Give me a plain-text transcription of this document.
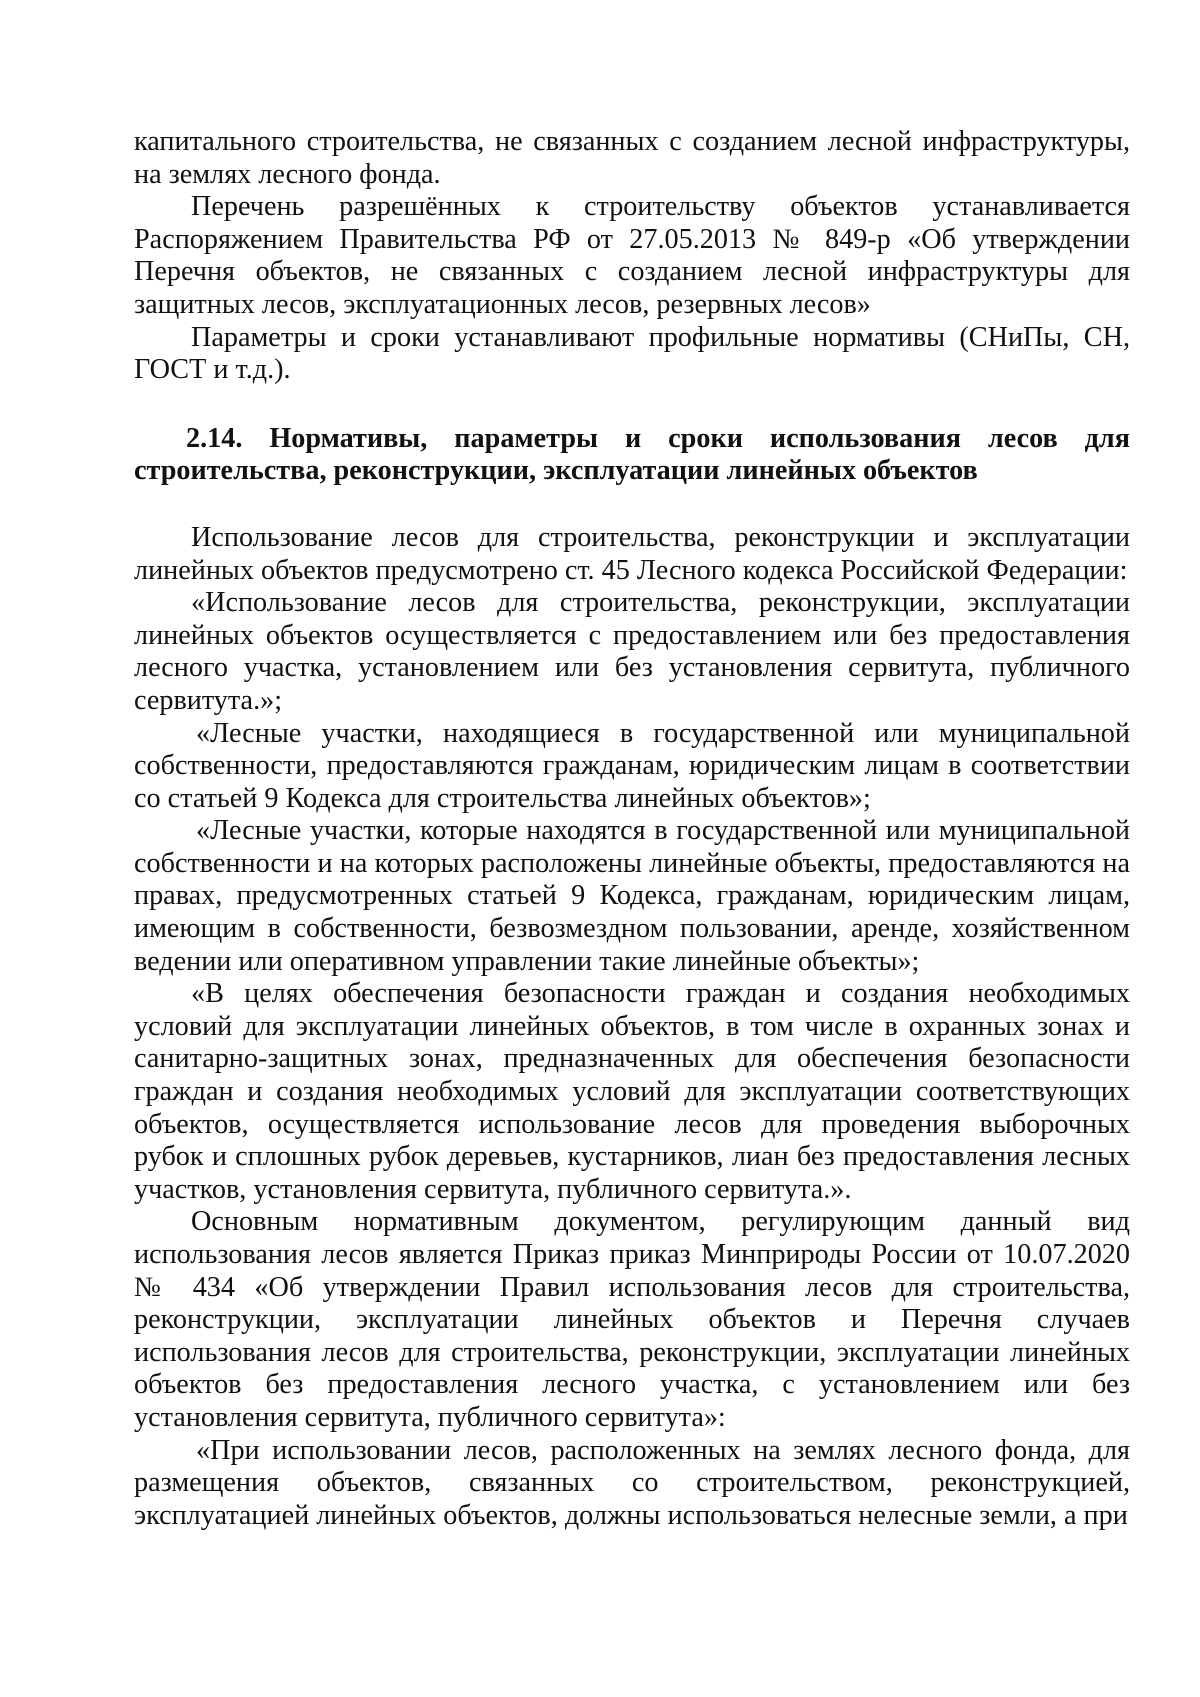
капитального строительства, не связанных с созданием лесной инфраструктуры, на землях лесного фонда.

Перечень разрешённых к строительству объектов устанавливается Распоряжением Правительства РФ от 27.05.2013 № 849-р «Об утверждении Перечня объектов, не связанных с созданием лесной инфраструктуры для защитных лесов, эксплуатационных лесов, резервных лесов»

Параметры и сроки устанавливают профильные нормативы (СНиПы, СН, ГОСТ и т.д.).

2.14. Нормативы, параметры и сроки использования лесов для строительства, реконструкции, эксплуатации линейных объектов

Использование лесов для строительства, реконструкции и эксплуатации линейных объектов предусмотрено ст. 45 Лесного кодекса Российской Федерации:

«Использование лесов для строительства, реконструкции, эксплуатации линейных объектов осуществляется с предоставлением или без предоставления лесного участка, установлением или без установления сервитута, публичного сервитута.»;

«Лесные участки, находящиеся в государственной или муниципальной собственности, предоставляются гражданам, юридическим лицам в соответствии со статьей 9 Кодекса для строительства линейных объектов»;

«Лесные участки, которые находятся в государственной или муниципальной собственности и на которых расположены линейные объекты, предоставляются на правах, предусмотренных статьей 9 Кодекса, гражданам, юридическим лицам, имеющим в собственности, безвозмездном пользовании, аренде, хозяйственном ведении или оперативном управлении такие линейные объекты»;

«В целях обеспечения безопасности граждан и создания необходимых условий для эксплуатации линейных объектов, в том числе в охранных зонах и санитарно-защитных зонах, предназначенных для обеспечения безопасности граждан и создания необходимых условий для эксплуатации соответствующих объектов, осуществляется использование лесов для проведения выборочных рубок и сплошных рубок деревьев, кустарников, лиан без предоставления лесных участков, установления сервитута, публичного сервитута.».

Основным нормативным документом, регулирующим данный вид использования лесов является Приказ приказ Минприроды России от 10.07.2020 № 434 «Об утверждении Правил использования лесов для строительства, реконструкции, эксплуатации линейных объектов и Перечня случаев использования лесов для строительства, реконструкции, эксплуатации линейных объектов без предоставления лесного участка, с установлением или без установления сервитута, публичного сервитута»:

«При использовании лесов, расположенных на землях лесного фонда, для размещения объектов, связанных со строительством, реконструкцией, эксплуатацией линейных объектов, должны использоваться нелесные земли, а при
